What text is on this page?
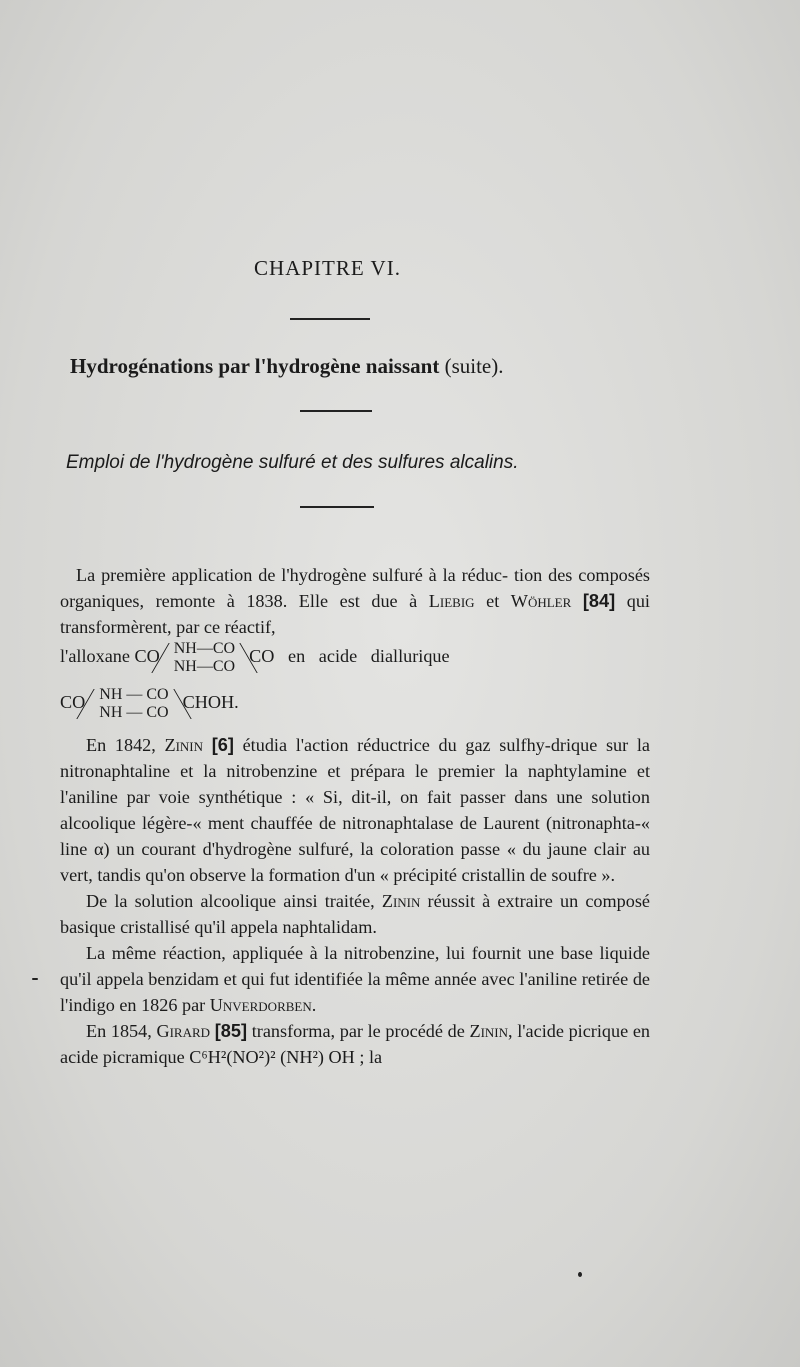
CHAPITRE VI.
Hydrogénations par l'hydrogène naissant (suite).
Emploi de l'hydrogène sulfuré et des sulfures alcalins.

La première application de l'hydrogène sulfuré à la réduc- tion des composés organiques, remonte à 1838. Elle est due à Liebig et Wöhler [84] qui transformèrent, par ce réactif,

l'alloxane CO NH—CO
NH—CO
CO   en   acide   diallurique
CO NH — CO
NH — CO
CHOH.

En 1842, Zinin [6] étudia l'action réductrice du gaz sulfhy-drique sur la nitronaphtaline et la nitrobenzine et prépara le premier la naphtylamine et l'aniline par voie synthétique : « Si, dit-il, on fait passer dans une solution alcoolique légère-« ment chauffée de nitronaphtalase de Laurent (nitronaphta-« line α) un courant d'hydrogène sulfuré, la coloration passe « du jaune clair au vert, tandis qu'on observe la formation d'un « précipité cristallin de soufre ».

De la solution alcoolique ainsi traitée, Zinin réussit à extraire un composé basique cristallisé qu'il appela naphtalidam.

La même réaction, appliquée à la nitrobenzine, lui fournit une base liquide qu'il appela benzidam et qui fut identifiée la même année avec l'aniline retirée de l'indigo en 1826 par Unverdorben.

En 1854, Girard [85] transforma, par le procédé de Zinin, l'acide picrique en acide picramique C⁶H²(NO²)² (NH²) OH ; la
